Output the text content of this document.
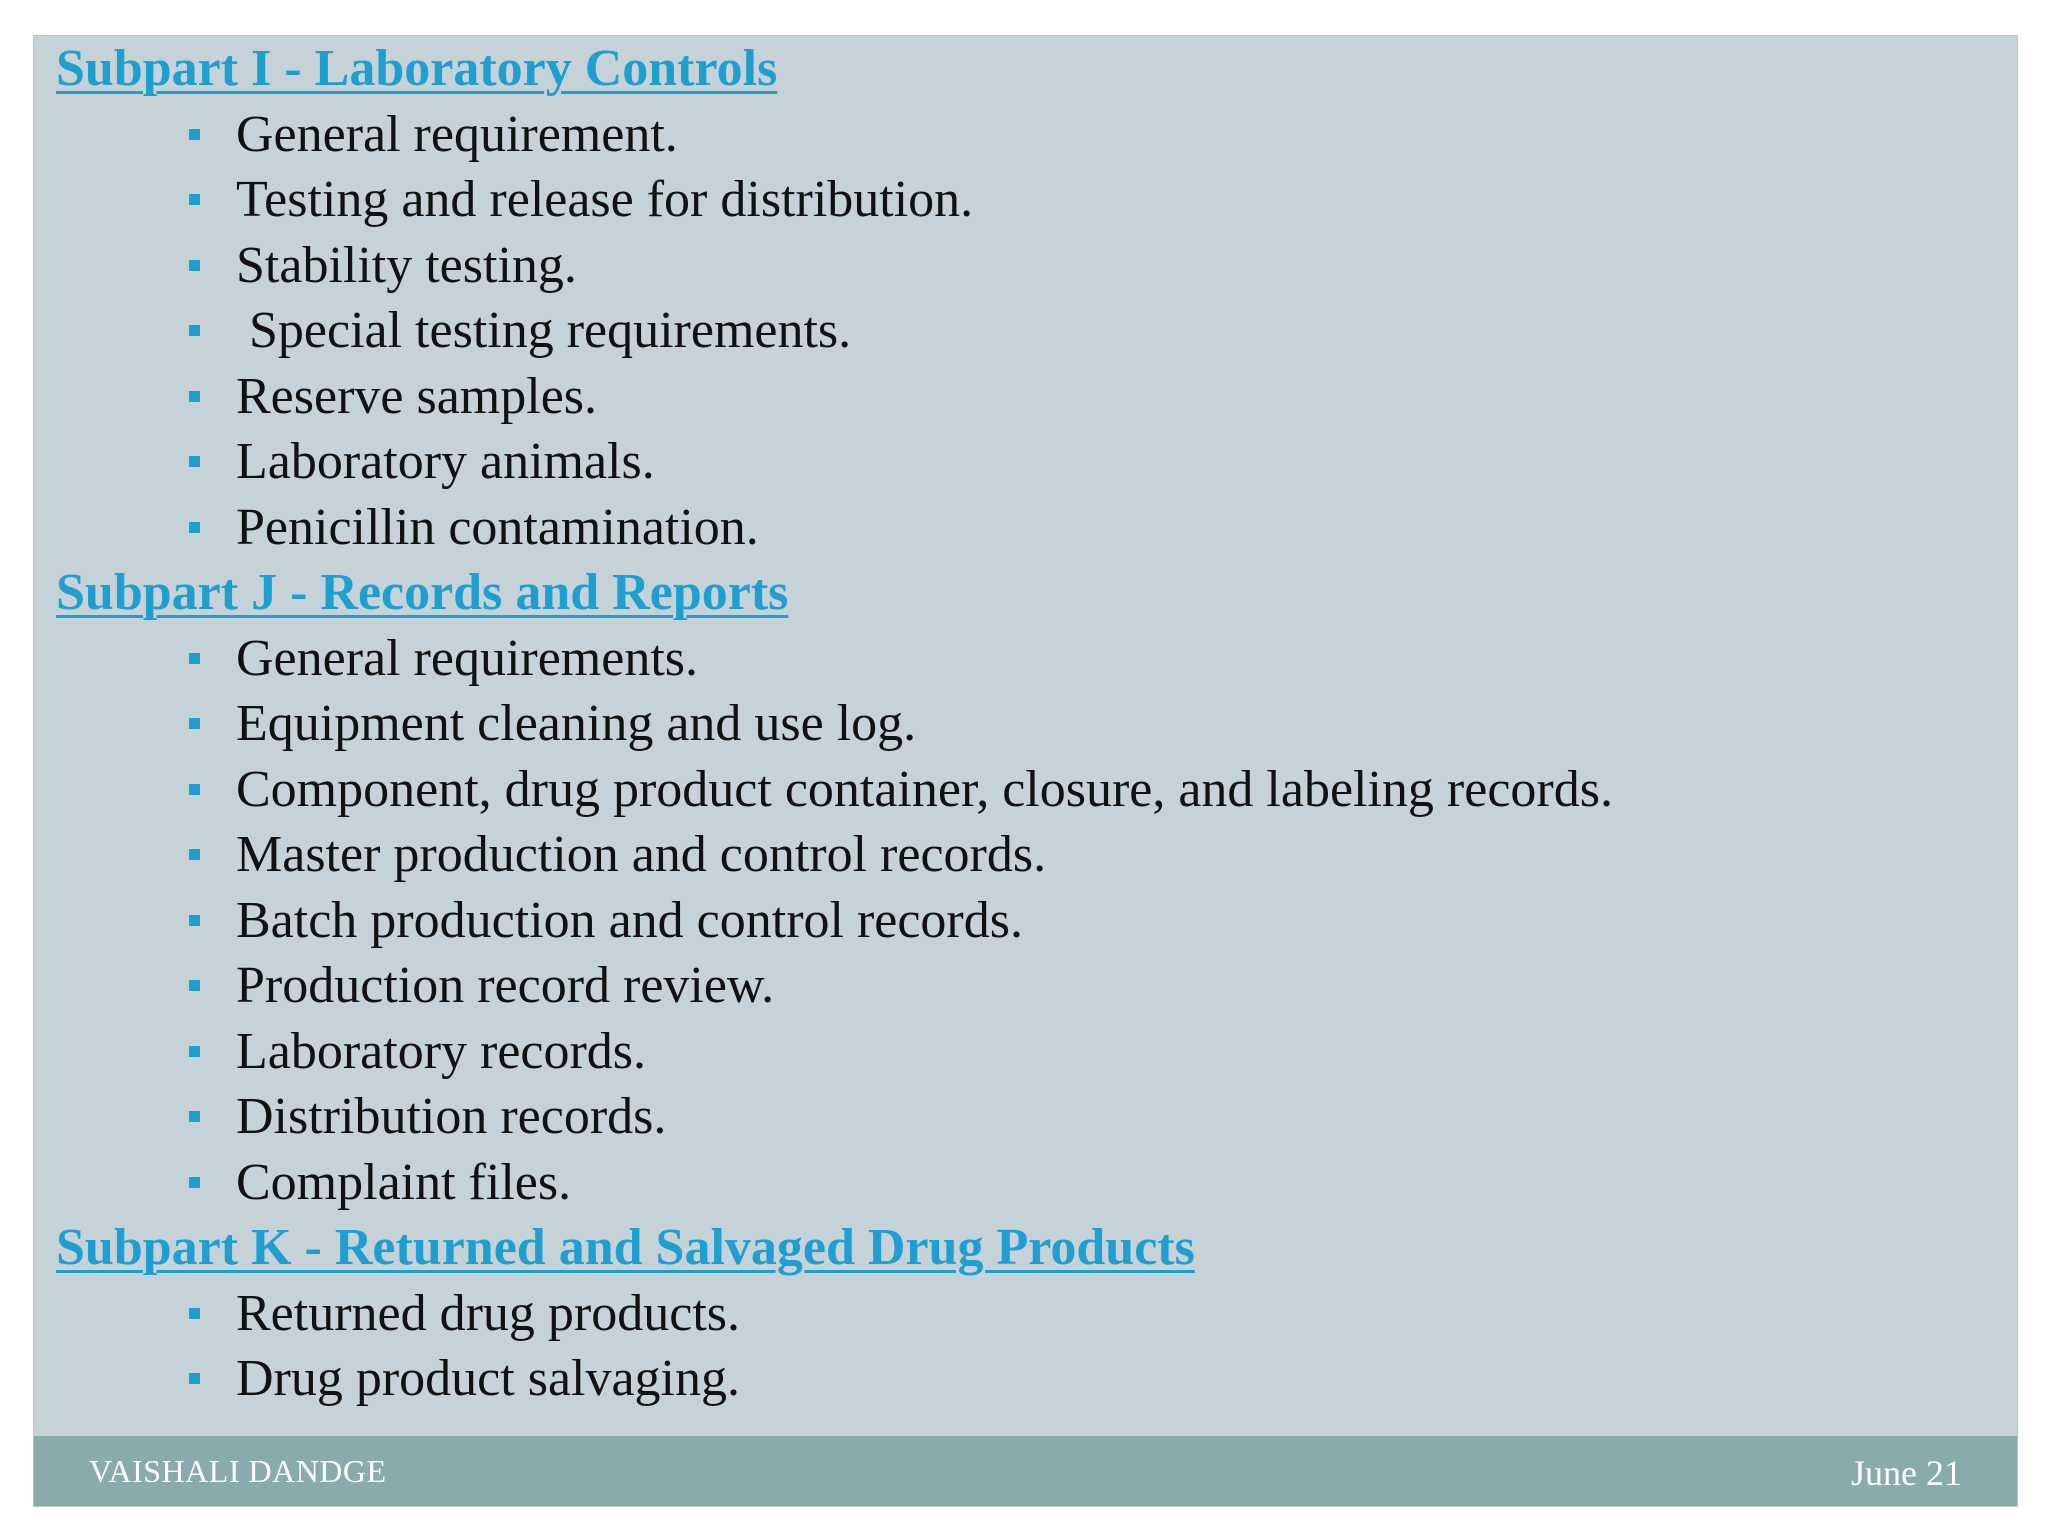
Subpart I - Laboratory Controls
General requirement.
Testing and release for distribution.
Stability testing.
Special testing requirements.
Reserve samples.
Laboratory animals.
Penicillin contamination.
Subpart J - Records and Reports
General requirements.
Equipment cleaning and use log.
Component, drug product container, closure, and labeling records.
Master production and control records.
Batch production and control records.
Production record review.
Laboratory records.
Distribution records.
Complaint files.
Subpart K - Returned and Salvaged Drug Products
Returned drug products.
Drug product salvaging.
VAISHALI DANDGE	June 21
